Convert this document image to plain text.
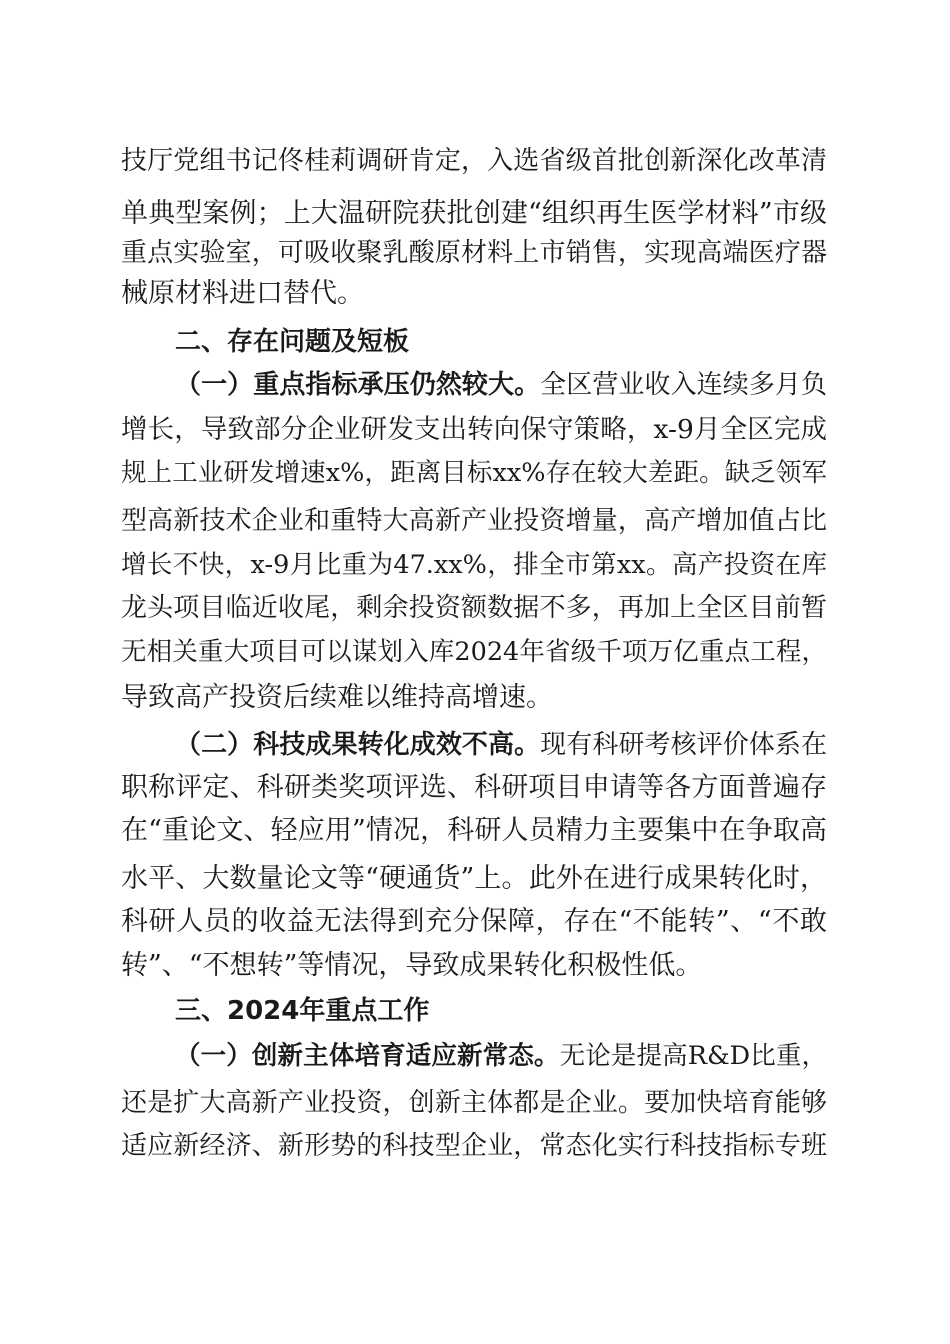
技厅党组书记佟桂莉调研肯定，入选省级首批创新深化改革清
单典型案例；上大温研院获批创建“组织再生医学材料”市级
重点实验室，可吸收聚乳酸原材料上市销售，实现高端医疗器
械原材料进口替代。
二、存在问题及短板
（一）重点指标承压仍然较大。全区营业收入连续多月负
增长，导致部分企业研发支出转向保守策略，x-9月全区完成
规上工业研发增速x%，距离目标xx%存在较大差距。缺乏领军
型高新技术企业和重特大高新产业投资增量，高产增加值占比
增长不快，x-9月比重为47.xx%，排全市第xx。高产投资在库
龙头项目临近收尾，剩余投资额数据不多，再加上全区目前暂
无相关重大项目可以谋划入库2024年省级千项万亿重点工程，
导致高产投资后续难以维持高增速。
（二）科技成果转化成效不高。现有科研考核评价体系在
职称评定、科研类奖项评选、科研项目申请等各方面普遍存
在“重论文、轻应用”情况，科研人员精力主要集中在争取高
水平、大数量论文等“硬通货”上。此外在进行成果转化时，
科研人员的收益无法得到充分保障，存在“不能转”、“不敢
转”、“不想转”等情况，导致成果转化积极性低。
三、2024年重点工作
（一）创新主体培育适应新常态。无论是提高R&D比重，
还是扩大高新产业投资，创新主体都是企业。要加快培育能够
适应新经济、新形势的科技型企业，常态化实行科技指标专班
